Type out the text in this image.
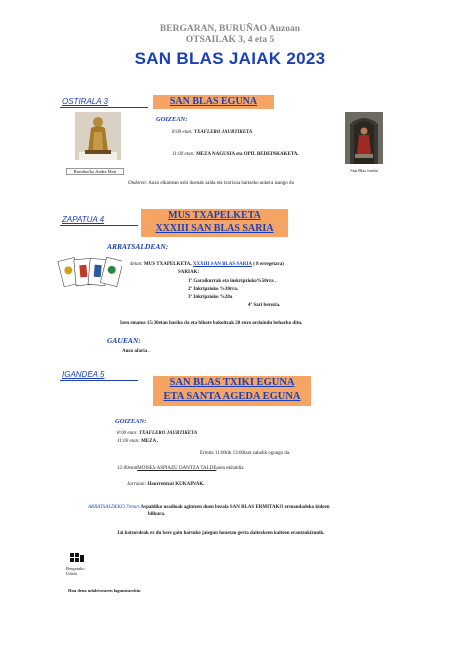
BERGARAN, BURUÑAO Auzoan
OTSAILAK 3, 4 eta 5
SAN BLAS JAIAK 2023
OSTIRALA 3	SAN BLAS EGUNA
Buruñao'ko Andra Mari	San Blas irudia
GOIZEAN:
8:00 etan: TXAFLERO JAURTIKETA
11:00 etan: MEZA NAGUSIA eta OPIL BEDEINKAKETA.
Ondoren: Auzo elkartean usbi duenak salda eta txorizoa hartzeko aukera izango du
ZAPATUA 4	MUS TXAPELKETA
XXXIII SAN BLAS SARIA
ARRATSALDEAN:
4etan: MUS TXAPELKETA, XXXIII SAN BLAS SARIA ( 8 erregetara)
SARIAK:
1º Garaikurrak eta inskripzioko%50rra .
2º Inkripzioko %30rra.
3º Inkripzioko %20a
4º Sari berezia.
Izen ematea 15:30etan hasiko da eta bikote bakoitzak 20 euro ordaindu beharko ditu.
GAUEAN:
Auzo afaria .
IGANDEA 5
SAN BLAS TXIKI EGUNA
ETA SANTA AGEDA EGUNA
GOIZEAN:
8:00 etan: TXAFLERO JAURTIKETA
11:00 etan: MEZA .
Ermita 11:00tik 13:00tara zabalik egongo da.
12:00etanMOISES ASPIAZU DANTZA TALDEaren ekitaldia
Jarraian: Haurrentzat KUKAINAK.
ARRATSALDEKO 7retan:Aspaldiko usadioak agintzen duen bezala SAN BLAS ERMITAKO ermandadeko kideen
bilkura.
Jai batzordeak ez du bere gain hartuko jaiegun honetan gerta daitezkeen kalteen erantzukizunik.
Bergarako Udala
Hau dena udaletxearen laguntzarekin
